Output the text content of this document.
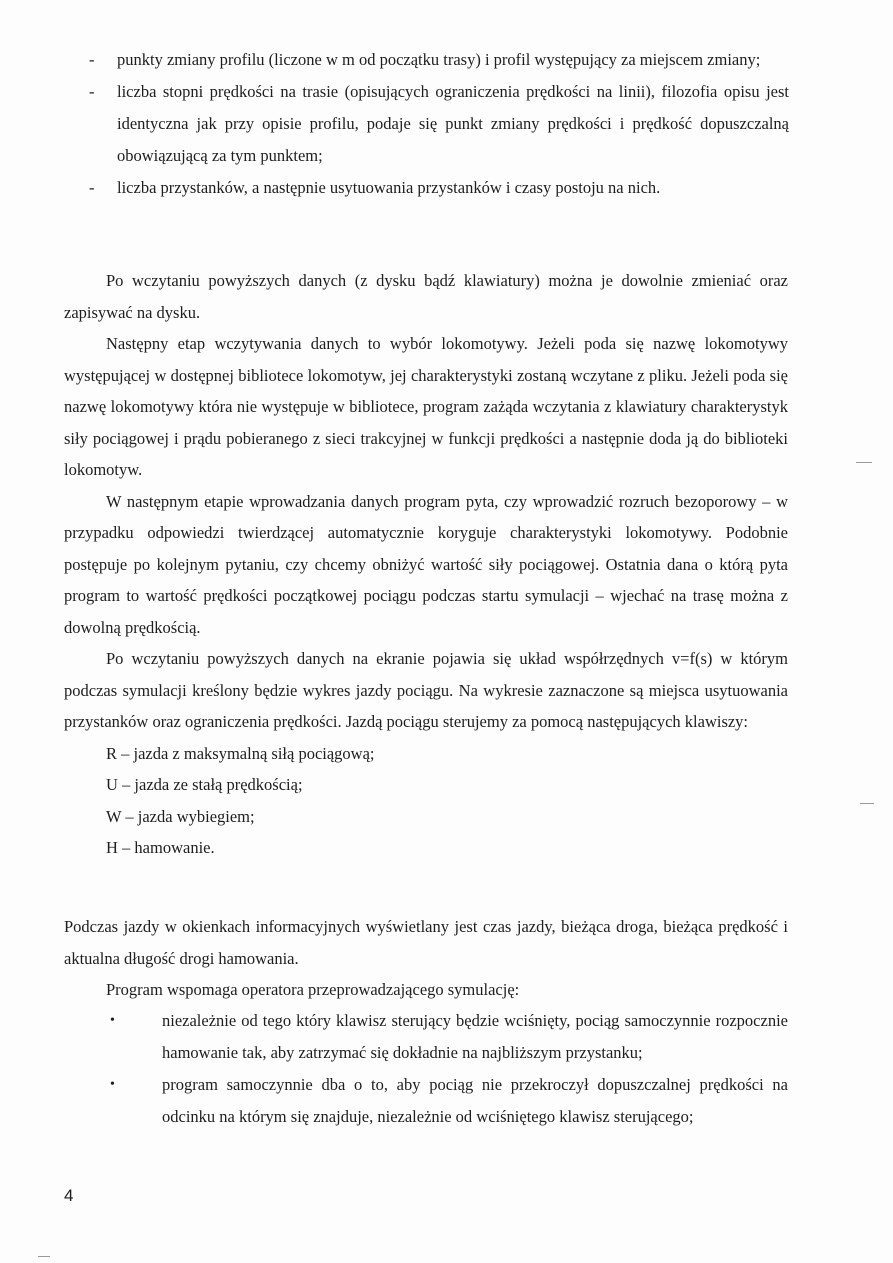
- punkty zmiany profilu (liczone w m od początku trasy) i profil występujący za miejscem zmiany;
- liczba stopni prędkości na trasie (opisujących ograniczenia prędkości na linii), filozofia opisu jest identyczna jak przy opisie profilu, podaje się punkt zmiany prędkości i prędkość dopuszczalną obowiązującą za tym punktem;
- liczba przystanków, a następnie usytuowania przystanków i czasy postoju na nich.

Po wczytaniu powyższych danych (z dysku bądź klawiatury) można je dowolnie zmieniać oraz zapisywać na dysku.

Następny etap wczytywania danych to wybór lokomotywy. Jeżeli poda się nazwę lokomotywy występującej w dostępnej bibliotece lokomotyw, jej charakterystyki zostaną wczytane z pliku. Jeżeli poda się nazwę lokomotywy która nie występuje w bibliotece, program zażąda wczytania z klawiatury charakterystyk siły pociągowej i prądu pobieranego z sieci trakcyjnej w funkcji prędkości a następnie doda ją do biblioteki lokomotyw.

W następnym etapie wprowadzania danych program pyta, czy wprowadzić rozruch bezoporowy – w przypadku odpowiedzi twierdzącej automatycznie koryguje charakterystyki lokomotywy. Podobnie postępuje po kolejnym pytaniu, czy chcemy obniżyć wartość siły pociągowej. Ostatnia dana o którą pyta program to wartość prędkości początkowej pociągu podczas startu symulacji – wjechać na trasę można z dowolną prędkością.

Po wczytaniu powyższych danych na ekranie pojawia się układ współrzędnych v=f(s) w którym podczas symulacji kreślony będzie wykres jazdy pociągu. Na wykresie zaznaczone są miejsca usytuowania przystanków oraz ograniczenia prędkości. Jazdą pociągu sterujemy za pomocą następujących klawiszy:

R – jazda z maksymalną siłą pociągową;
U – jazda ze stałą prędkością;
W – jazda wybiegiem;
H – hamowanie.

Podczas jazdy w okienkach informacyjnych wyświetlany jest czas jazdy, bieżąca droga, bieżąca prędkość i aktualna długość drogi hamowania.

Program wspomaga operatora przeprowadzającego symulację:

•	niezależnie od tego który klawisz sterujący będzie wciśnięty, pociąg samoczynnie rozpocznie hamowanie tak, aby zatrzymać się dokładnie na najbliższym przystanku;
•	program samoczynnie dba o to, aby pociąg nie przekroczył dopuszczalnej prędkości na odcinku na którym się znajduje, niezależnie od wciśniętego klawisz sterującego;
4
